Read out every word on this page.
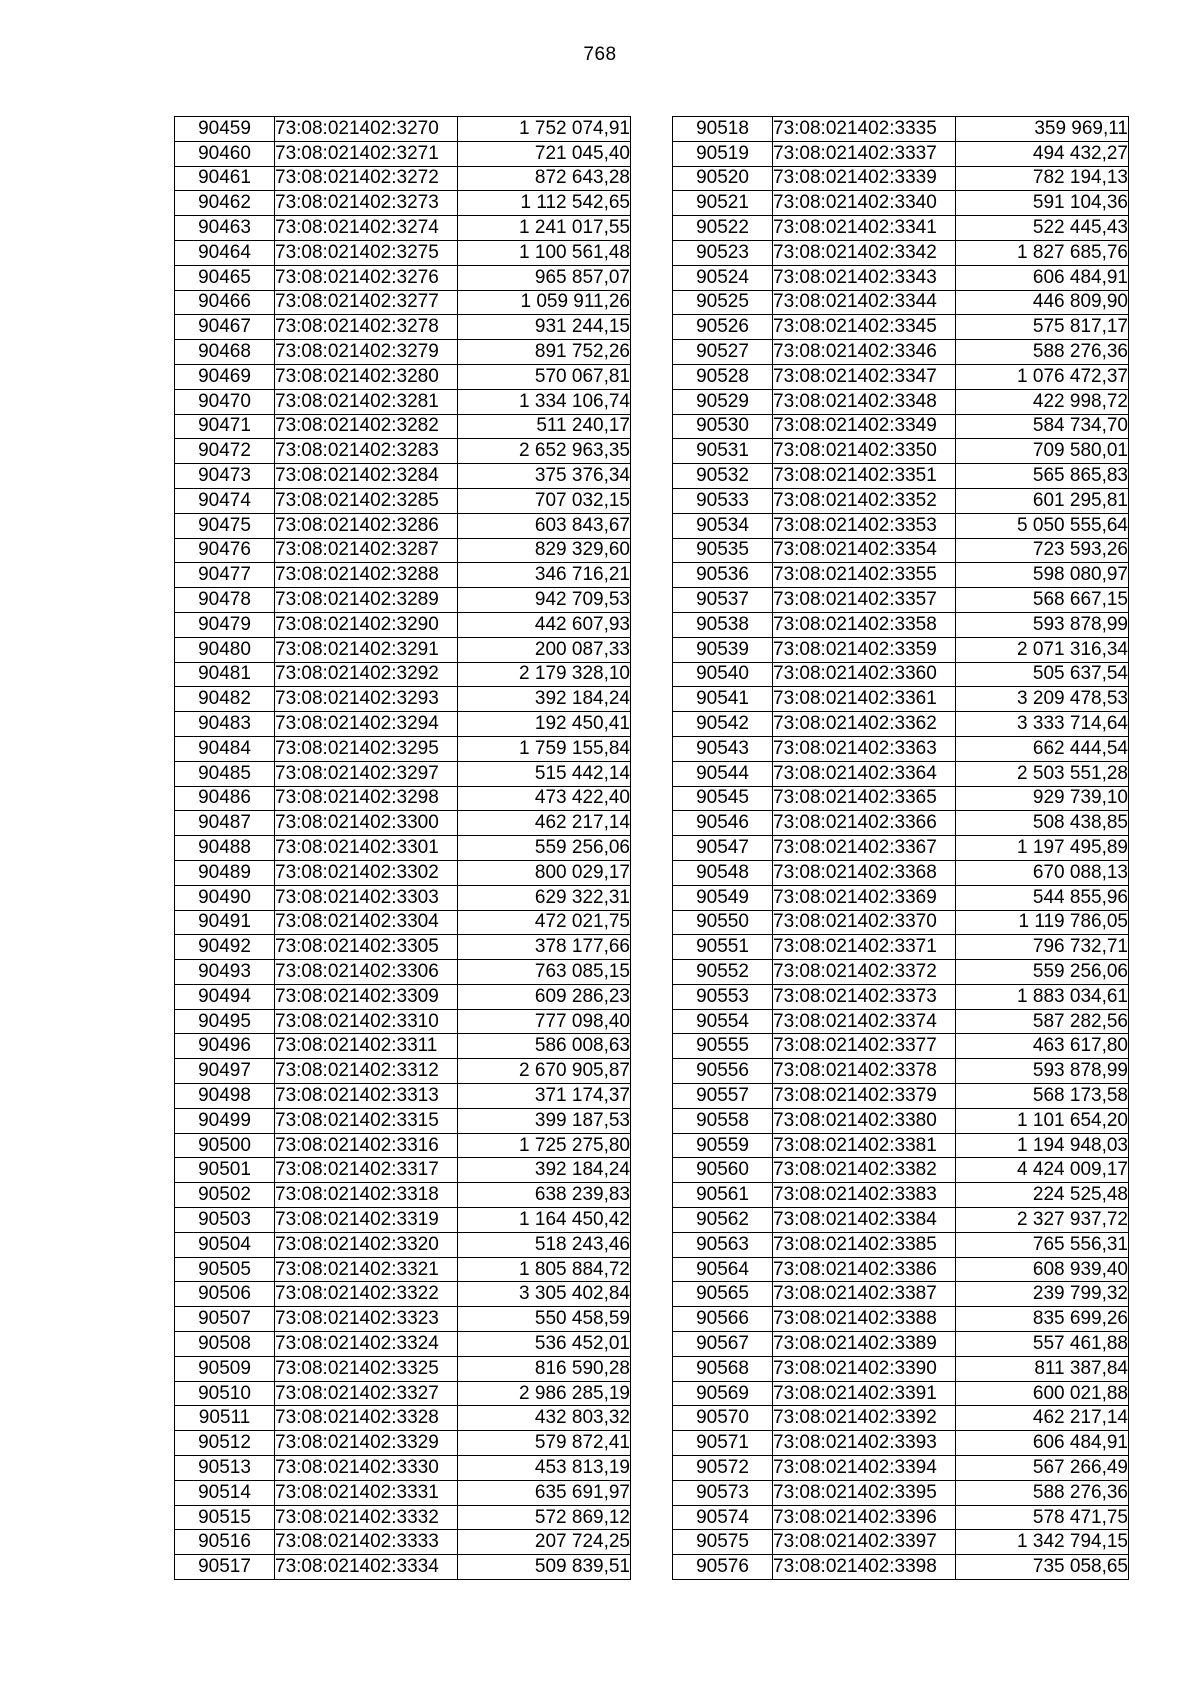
768
90459	73:08:021402:3270	1 752 074,91
90460	73:08:021402:3271	721 045,40
90461	73:08:021402:3272	872 643,28
90462	73:08:021402:3273	1 112 542,65
90463	73:08:021402:3274	1 241 017,55
90464	73:08:021402:3275	1 100 561,48
90465	73:08:021402:3276	965 857,07
90466	73:08:021402:3277	1 059 911,26
90467	73:08:021402:3278	931 244,15
90468	73:08:021402:3279	891 752,26
90469	73:08:021402:3280	570 067,81
90470	73:08:021402:3281	1 334 106,74
90471	73:08:021402:3282	511 240,17
90472	73:08:021402:3283	2 652 963,35
90473	73:08:021402:3284	375 376,34
90474	73:08:021402:3285	707 032,15
90475	73:08:021402:3286	603 843,67
90476	73:08:021402:3287	829 329,60
90477	73:08:021402:3288	346 716,21
90478	73:08:021402:3289	942 709,53
90479	73:08:021402:3290	442 607,93
90480	73:08:021402:3291	200 087,33
90481	73:08:021402:3292	2 179 328,10
90482	73:08:021402:3293	392 184,24
90483	73:08:021402:3294	192 450,41
90484	73:08:021402:3295	1 759 155,84
90485	73:08:021402:3297	515 442,14
90486	73:08:021402:3298	473 422,40
90487	73:08:021402:3300	462 217,14
90488	73:08:021402:3301	559 256,06
90489	73:08:021402:3302	800 029,17
90490	73:08:021402:3303	629 322,31
90491	73:08:021402:3304	472 021,75
90492	73:08:021402:3305	378 177,66
90493	73:08:021402:3306	763 085,15
90494	73:08:021402:3309	609 286,23
90495	73:08:021402:3310	777 098,40
90496	73:08:021402:3311	586 008,63
90497	73:08:021402:3312	2 670 905,87
90498	73:08:021402:3313	371 174,37
90499	73:08:021402:3315	399 187,53
90500	73:08:021402:3316	1 725 275,80
90501	73:08:021402:3317	392 184,24
90502	73:08:021402:3318	638 239,83
90503	73:08:021402:3319	1 164 450,42
90504	73:08:021402:3320	518 243,46
90505	73:08:021402:3321	1 805 884,72
90506	73:08:021402:3322	3 305 402,84
90507	73:08:021402:3323	550 458,59
90508	73:08:021402:3324	536 452,01
90509	73:08:021402:3325	816 590,28
90510	73:08:021402:3327	2 986 285,19
90511	73:08:021402:3328	432 803,32
90512	73:08:021402:3329	579 872,41
90513	73:08:021402:3330	453 813,19
90514	73:08:021402:3331	635 691,97
90515	73:08:021402:3332	572 869,12
90516	73:08:021402:3333	207 724,25
90517	73:08:021402:3334	509 839,51
90518	73:08:021402:3335	359 969,11
90519	73:08:021402:3337	494 432,27
90520	73:08:021402:3339	782 194,13
90521	73:08:021402:3340	591 104,36
90522	73:08:021402:3341	522 445,43
90523	73:08:021402:3342	1 827 685,76
90524	73:08:021402:3343	606 484,91
90525	73:08:021402:3344	446 809,90
90526	73:08:021402:3345	575 817,17
90527	73:08:021402:3346	588 276,36
90528	73:08:021402:3347	1 076 472,37
90529	73:08:021402:3348	422 998,72
90530	73:08:021402:3349	584 734,70
90531	73:08:021402:3350	709 580,01
90532	73:08:021402:3351	565 865,83
90533	73:08:021402:3352	601 295,81
90534	73:08:021402:3353	5 050 555,64
90535	73:08:021402:3354	723 593,26
90536	73:08:021402:3355	598 080,97
90537	73:08:021402:3357	568 667,15
90538	73:08:021402:3358	593 878,99
90539	73:08:021402:3359	2 071 316,34
90540	73:08:021402:3360	505 637,54
90541	73:08:021402:3361	3 209 478,53
90542	73:08:021402:3362	3 333 714,64
90543	73:08:021402:3363	662 444,54
90544	73:08:021402:3364	2 503 551,28
90545	73:08:021402:3365	929 739,10
90546	73:08:021402:3366	508 438,85
90547	73:08:021402:3367	1 197 495,89
90548	73:08:021402:3368	670 088,13
90549	73:08:021402:3369	544 855,96
90550	73:08:021402:3370	1 119 786,05
90551	73:08:021402:3371	796 732,71
90552	73:08:021402:3372	559 256,06
90553	73:08:021402:3373	1 883 034,61
90554	73:08:021402:3374	587 282,56
90555	73:08:021402:3377	463 617,80
90556	73:08:021402:3378	593 878,99
90557	73:08:021402:3379	568 173,58
90558	73:08:021402:3380	1 101 654,20
90559	73:08:021402:3381	1 194 948,03
90560	73:08:021402:3382	4 424 009,17
90561	73:08:021402:3383	224 525,48
90562	73:08:021402:3384	2 327 937,72
90563	73:08:021402:3385	765 556,31
90564	73:08:021402:3386	608 939,40
90565	73:08:021402:3387	239 799,32
90566	73:08:021402:3388	835 699,26
90567	73:08:021402:3389	557 461,88
90568	73:08:021402:3390	811 387,84
90569	73:08:021402:3391	600 021,88
90570	73:08:021402:3392	462 217,14
90571	73:08:021402:3393	606 484,91
90572	73:08:021402:3394	567 266,49
90573	73:08:021402:3395	588 276,36
90574	73:08:021402:3396	578 471,75
90575	73:08:021402:3397	1 342 794,15
90576	73:08:021402:3398	735 058,65
